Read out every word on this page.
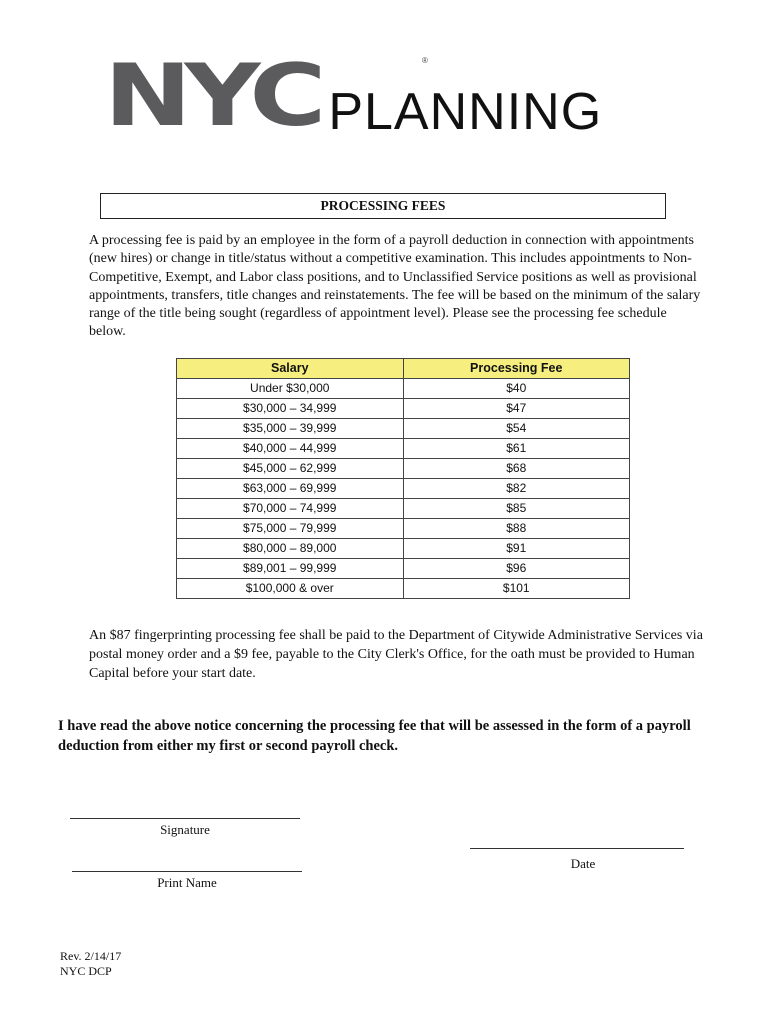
NYC PLANNING
®
PROCESSING FEES

A processing fee is paid by an employee in the form of a payroll deduction in connection with appointments (new hires) or change in title/status without a competitive examination. This includes appointments to Non-Competitive, Exempt, and Labor class positions, and to Unclassified Service positions as well as provisional appointments, transfers, title changes and reinstatements. The fee will be based on the minimum of the salary range of the title being sought (regardless of appointment level). Please see the processing fee schedule below.

Salary	Processing Fee
Under $30,000	$40
$30,000 – 34,999	$47
$35,000 – 39,999	$54
$40,000 – 44,999	$61
$45,000 – 62,999	$68
$63,000 – 69,999	$82
$70,000 – 74,999	$85
$75,000 – 79,999	$88
$80,000 – 89,000	$91
$89,001 – 99,999	$96
$100,000 & over	$101

An $87 fingerprinting processing fee shall be paid to the Department of Citywide Administrative Services via postal money order and a $9 fee, payable to the City Clerk's Office, for the oath must be provided to Human Capital before your start date.

I have read the above notice concerning the processing fee that will be assessed in the form of a payroll deduction from either my first or second payroll check.

Signature
Date
Print Name
Rev. 2/14/17
NYC DCP
